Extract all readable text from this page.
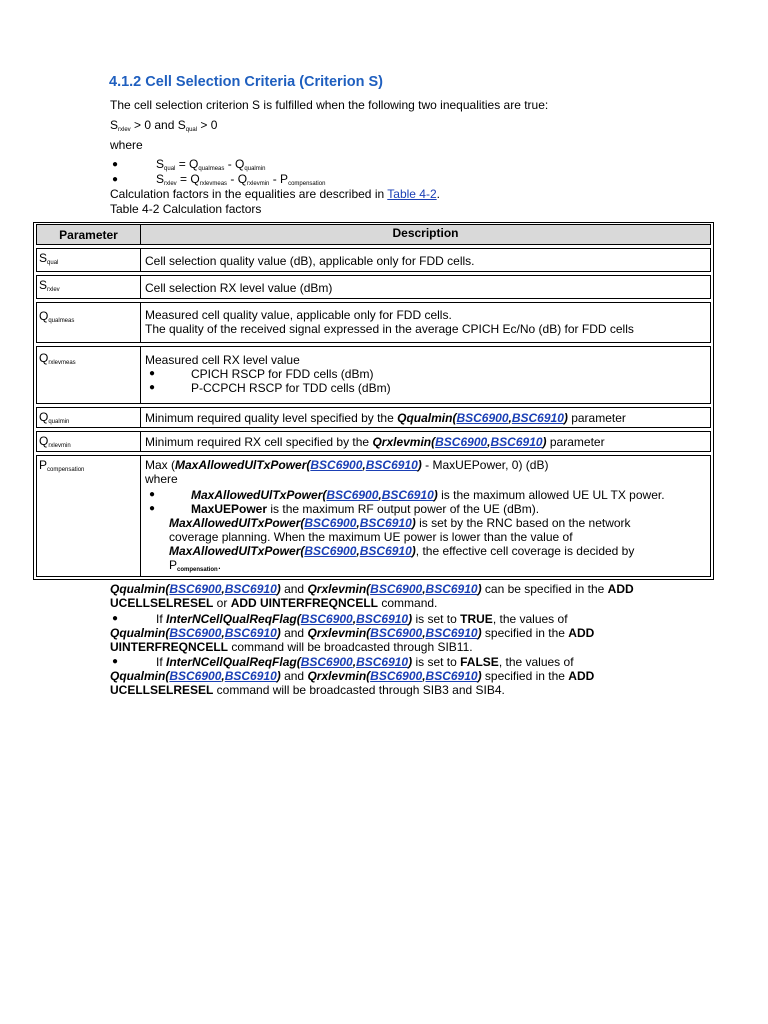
4.1.2 Cell Selection Criteria (Criterion S)

The cell selection criterion S is fulfilled when the following two inequalities are true:

$S_{rxlev} > 0$ and $S_{qual} > 0$

where

●	$S_{qual} = Q_{qualmeas} - Q_{qualmin}$

●	$S_{rxlev} = Q_{rxlevmeas} - Q_{rxlevmin} - P_{compensation}$

Calculation factors in the equalities are described in Table 4-2.

Table 4-2 Calculation factors

Parameter	Description
$S_{qual}$	Cell selection quality value (dB), applicable only for FDD cells.
$S_{rxlev}$	Cell selection RX level value (dBm)
$Q_{qualmeas}$	Measured cell quality value, applicable only for FDD cells.
The quality of the received signal expressed in the average CPICH Ec/No (dB) for FDD cells
$Q_{rxlevmeas}$	Measured cell RX level value
●	CPICH RSCP for FDD cells (dBm)
●	P-CCPCH RSCP for TDD cells (dBm)
$Q_{qualmin}$	Minimum required quality level specified by the Qqualmin(BSC6900,BSC6910) parameter
$Q_{rxlevmin}$	Minimum required RX cell specified by the Qrxlevmin(BSC6900,BSC6910) parameter
$P_{compensation}$	Max (MaxAllowedUlTxPower(BSC6900,BSC6910) - MaxUEPower, 0) (dB)
where
●	MaxAllowedUlTxPower(BSC6900,BSC6910) is the maximum allowed UE UL TX power.
●	MaxUEPower is the maximum RF output power of the UE (dBm).
MaxAllowedUlTxPower(BSC6900,BSC6910) is set by the RNC based on the network
coverage planning. When the maximum UE power is lower than the value of
MaxAllowedUlTxPower(BSC6900,BSC6910), the effective cell coverage is decided by
$P_{compensation}$.
Qqualmin(BSC6900,BSC6910) and Qrxlevmin(BSC6900,BSC6910) can be specified in the ADD
UCELLSELRESEL or ADD UINTERFREQNCELL command.
●	If InterNCellQualReqFlag(BSC6900,BSC6910) is set to TRUE, the values of
Qqualmin(BSC6900,BSC6910) and Qrxlevmin(BSC6900,BSC6910) specified in the ADD
UINTERFREQNCELL command will be broadcasted through SIB11.
●	If InterNCellQualReqFlag(BSC6900,BSC6910) is set to FALSE, the values of
Qqualmin(BSC6900,BSC6910) and Qrxlevmin(BSC6900,BSC6910) specified in the ADD
UCELLSELRESEL command will be broadcasted through SIB3 and SIB4.
